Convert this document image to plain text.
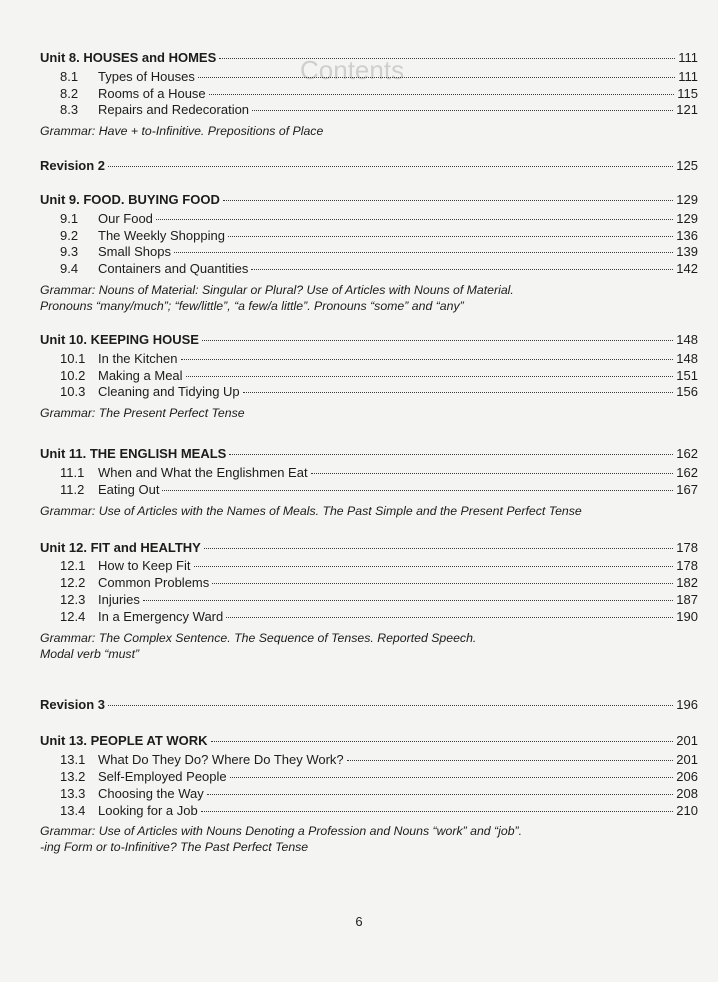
Contents
Unit 8. HOUSES and HOMES	111
8.1	Types of Houses	111
8.2	Rooms of a House	115
8.3	Repairs and Redecoration	121
Grammar: Have + to-Infinitive. Prepositions of Place
Revision 2	125
Unit 9. FOOD. BUYING FOOD	129
9.1	Our Food	129
9.2	The Weekly Shopping	136
9.3	Small Shops	139
9.4	Containers and Quantities	142
Grammar: Nouns of Material: Singular or Plural? Use of Articles with Nouns of Material.
Pronouns “many/much”; “few/little”, “a few/a little”. Pronouns “some” and “any”
Unit 10. KEEPING HOUSE	148
10.1 In the Kitchen	148
10.2 Making a Meal	151
10.3 Cleaning and Tidying Up	156
Grammar: The Present Perfect Tense
Unit 11. THE ENGLISH MEALS	162
11.1	When and What the Englishmen Eat	162
11.2	Eating Out	167
Grammar: Use of Articles with the Names of Meals. The Past Simple and the Present Perfect Tense
Unit 12. FIT and HEALTHY	178
12.1 How to Keep Fit	178
12.2 Common Problems	182
12.3 Injuries	187
12.4 In a Emergency Ward	190
Grammar: The Complex Sentence. The Sequence of Tenses. Reported Speech.
Modal verb “must”
Revision 3	196
Unit 13. PEOPLE AT WORK	201
13.1 What Do They Do? Where Do They Work?	201
13.2 Self-Employed People	206
13.3 Choosing the Way	208
13.4 Looking for a Job	210
Grammar: Use of Articles with Nouns Denoting a Profession and Nouns “work” and “job”.
-ing Form or to-Infinitive? The Past Perfect Tense
6
